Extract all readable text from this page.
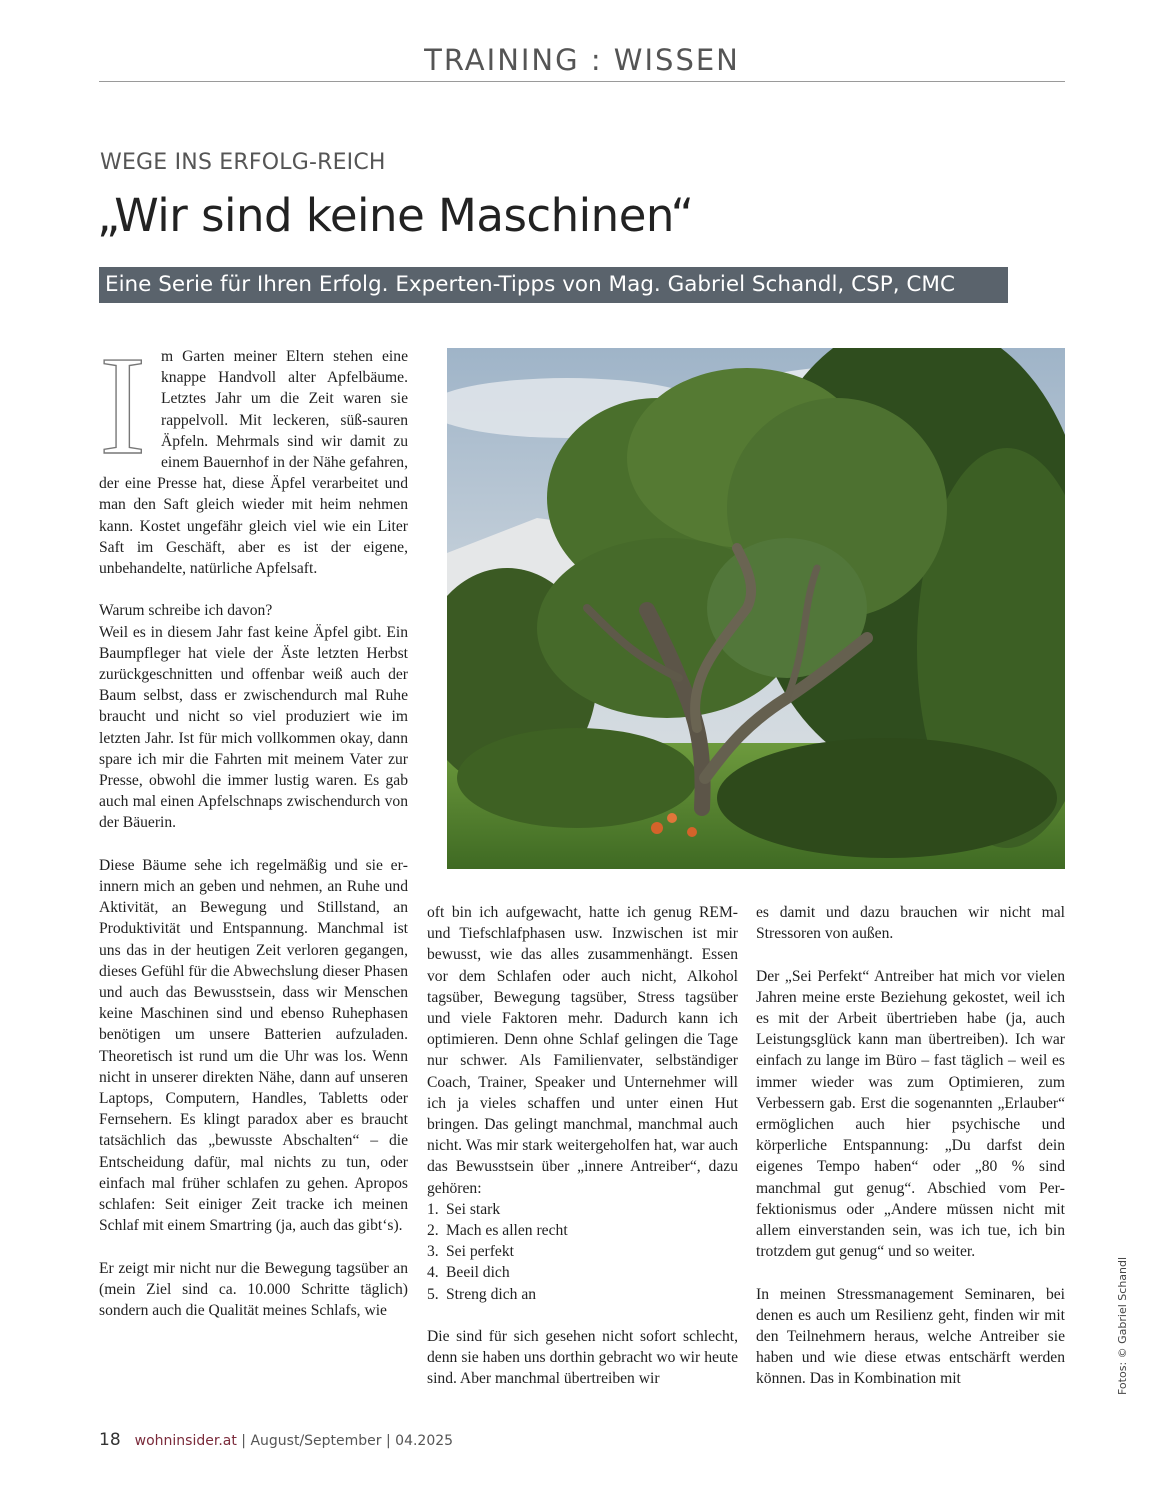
TRAINING : WISSEN
WEGE INS ERFOLG-REICH
„Wir sind keine Maschinen“
Eine Serie für Ihren Erfolg. Experten-Tipps von Mag. Gabriel Schandl, CSP, CMC

Im Garten meiner Eltern stehen eine knappe Handvoll alter Apfelbäume. Letztes Jahr um die Zeit waren sie rappelvoll. Mit leckeren, süß-sauren Äpfeln. Mehrmals sind wir damit zu einem Bauernhof in der Nähe gefahren, der eine Presse hat, diese Äpfel verarbeitet und man den Saft gleich wieder mit heim nehmen kann. Kostet ungefähr gleich viel wie ein Liter Saft im Geschäft, aber es ist der eigene, unbehandelte, natürliche Apfelsaft.

Warum schreibe ich davon?

Weil es in diesem Jahr fast keine Äpfel gibt. Ein Baumpfleger hat viele der Äste letzten Herbst zurückgeschnitten und offenbar weiß auch der Baum selbst, dass er zwischendurch mal Ruhe braucht und nicht so viel produziert wie im letzten Jahr. Ist für mich vollkommen okay, dann spare ich mir die Fahrten mit meinem Vater zur Presse, obwohl die immer lustig waren. Es gab auch mal einen Apfelschnaps zwischendurch von der Bäuerin.

Diese Bäume sehe ich regelmäßig und sie erinnern mich an geben und nehmen, an Ruhe und Aktivität, an Bewegung und Stillstand, an Produktivität und Entspannung. Manchmal ist uns das in der heutigen Zeit verloren gegangen, dieses Gefühl für die Abwechslung dieser Phasen und auch das Bewusstsein, dass wir Menschen keine Maschinen sind und ebenso Ruhephasen benötigen um unsere Batterien aufzuladen. Theoretisch ist rund um die Uhr was los. Wenn nicht in unserer direkten Nähe, dann auf unseren Laptops, Computern, Handles, Tabletts oder Fernsehern. Es klingt paradox aber es braucht tatsächlich das „bewusste Abschalten“ – die Entscheidung dafür, mal nichts zu tun, oder einfach mal früher schlafen zu gehen. Apropos schlafen: Seit einiger Zeit tracke ich meinen Schlaf mit einem Smartring (ja, auch das gibt‘s).

Er zeigt mir nicht nur die Bewegung tagsüber an (mein Ziel sind ca. 10.000 Schritte täglich) sondern auch die Qualität meines Schlafs, wie

oft bin ich aufgewacht, hatte ich genug REM- und Tiefschlafphasen usw. Inzwischen ist mir bewusst, wie das alles zusammenhängt. Essen vor dem Schlafen oder auch nicht, Alkohol tagsüber, Bewegung tagsüber, Stress tagsüber und viele Faktoren mehr. Dadurch kann ich optimieren. Denn ohne Schlaf gelingen die Tage nur schwer. Als Familienvater, selbständiger Coach, Trainer, Speaker und Unternehmer will ich ja vieles schaffen und unter einen Hut bringen. Das gelingt manchmal, manchmal auch nicht. Was mir stark weitergeholfen hat, war auch das Bewusstsein über „innere Antreiber“, dazu gehören:

1. Sei stark
2. Mach es allen recht
3. Sei perfekt
4. Beeil dich
5. Streng dich an

Die sind für sich gesehen nicht sofort schlecht, denn sie haben uns dorthin gebracht wo wir heute sind. Aber manchmal übertreiben wir

es damit und dazu brauchen wir nicht mal Stressoren von außen.

Der „Sei Perfekt“ Antreiber hat mich vor vielen Jahren meine erste Beziehung gekostet, weil ich es mit der Arbeit übertrieben habe (ja, auch Leistungsglück kann man übertreiben). Ich war einfach zu lange im Büro – fast täglich – weil es immer wieder was zum Optimieren, zum Verbessern gab. Erst die sogenannten „Erlauber“ ermöglichen auch hier psychische und körperliche Entspannung: „Du darfst dein eigenes Tempo haben“ oder „80 % sind manchmal gut genug“. Abschied vom Perfektionismus oder „Andere müssen nicht mit allem einverstanden sein, was ich tue, ich bin trotzdem gut genug“ und so weiter.

In meinen Stressmanagement Seminaren, bei denen es auch um Resilienz geht, finden wir mit den Teilnehmern heraus, welche Antreiber sie haben und wie diese etwas entschärft werden können. Das in Kombination mit	Fotos: © Gabriel Schandl
18 wohninsider.at | August/September | 04.2025
